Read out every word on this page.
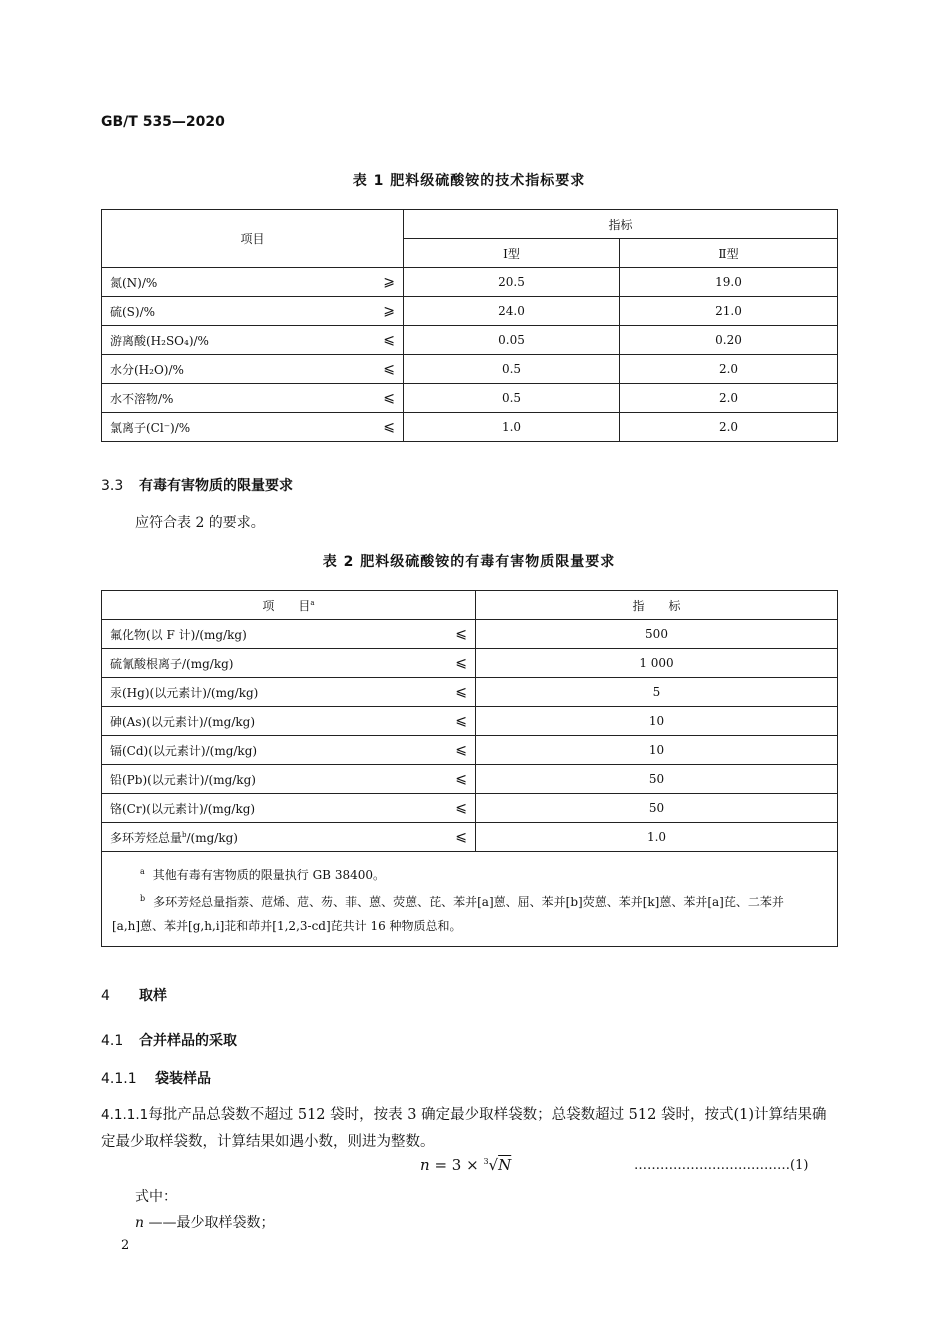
GB/T 535—2020
表 1 肥料级硫酸铵的技术指标要求
项目	指标	
	Ⅰ型	Ⅱ型
氮(N)/% ⩾	20.5	19.0
硫(S)/% ⩾	24.0	21.0
游离酸(H₂SO₄)/% ⩽	0.05	0.20
水分(H₂O)/% ⩽	0.5	2.0
水不溶物/% ⩽	0.5	2.0
氯离子(Cl⁻)/% ⩽	1.0	2.0
3.3 有毒有害物质的限量要求
应符合表 2 的要求。
表 2 肥料级硫酸铵的有毒有害物质限量要求
项　　目$^a$	指　　标
氟化物(以 F 计)/(mg/kg) ⩽	500
硫氰酸根离子/(mg/kg) ⩽	1 000
汞(Hg)(以元素计)/(mg/kg) ⩽	5
砷(As)(以元素计)/(mg/kg) ⩽	10
镉(Cd)(以元素计)/(mg/kg) ⩽	10
铅(Pb)(以元素计)/(mg/kg) ⩽	50
铬(Cr)(以元素计)/(mg/kg) ⩽	50
多环芳烃总量$^b$/(mg/kg) ⩽	1.0

$^a$ 其他有毒有害物质的限量执行 GB 38400。
$^b$ 多环芳烃总量指萘、苊烯、苊、芴、菲、蒽、荧蒽、芘、苯并[a]蒽、屈、苯并[b]荧蒽、苯并[k]蒽、苯并[a]芘、二苯并
[a,h]蒽、苯并[g,h,i]苝和茚并[1,2,3-cd]芘共计 16 种物质总和。	
4 取样
4.1 合并样品的采取
4.1.1 袋装样品
4.1.1.1每批产品总袋数不超过 512 袋时，按表 3 确定最少取样袋数；总袋数超过 512 袋时，按式(1)计算结果确定最少取样袋数，计算结果如遇小数，则进为整数。
n = 3 × $^3$√N	………………………………(1)
式中：
n ——最少取样袋数；
2
